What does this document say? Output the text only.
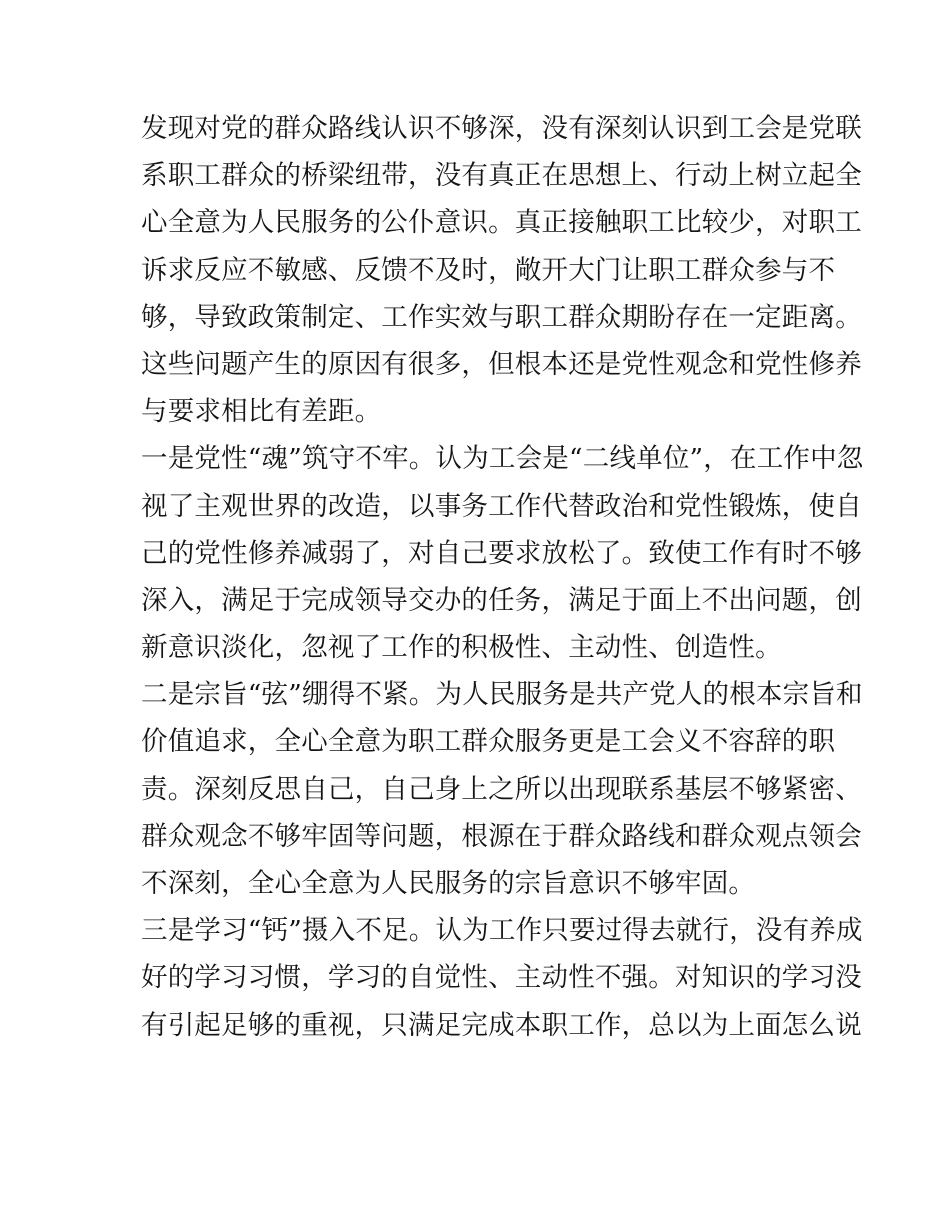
发现对党的群众路线认识不够深，没有深刻认识到工会是党联
系职工群众的桥梁纽带，没有真正在思想上、行动上树立起全
心全意为人民服务的公仆意识。真正接触职工比较少，对职工
诉求反应不敏感、反馈不及时，敞开大门让职工群众参与不
够，导致政策制定、工作实效与职工群众期盼存在一定距离。
这些问题产生的原因有很多，但根本还是党性观念和党性修养
与要求相比有差距。
一是党性“魂”筑守不牢。认为工会是“二线单位”，在工作中忽
视了主观世界的改造，以事务工作代替政治和党性锻炼，使自
己的党性修养减弱了，对自己要求放松了。致使工作有时不够
深入，满足于完成领导交办的任务，满足于面上不出问题，创
新意识淡化，忽视了工作的积极性、主动性、创造性。
二是宗旨“弦”绷得不紧。为人民服务是共产党人的根本宗旨和
价值追求，全心全意为职工群众服务更是工会义不容辞的职
责。深刻反思自己，自己身上之所以出现联系基层不够紧密、
群众观念不够牢固等问题，根源在于群众路线和群众观点领会
不深刻，全心全意为人民服务的宗旨意识不够牢固。
三是学习“钙”摄入不足。认为工作只要过得去就行，没有养成
好的学习习惯，学习的自觉性、主动性不强。对知识的学习没
有引起足够的重视，只满足完成本职工作，总以为上面怎么说
